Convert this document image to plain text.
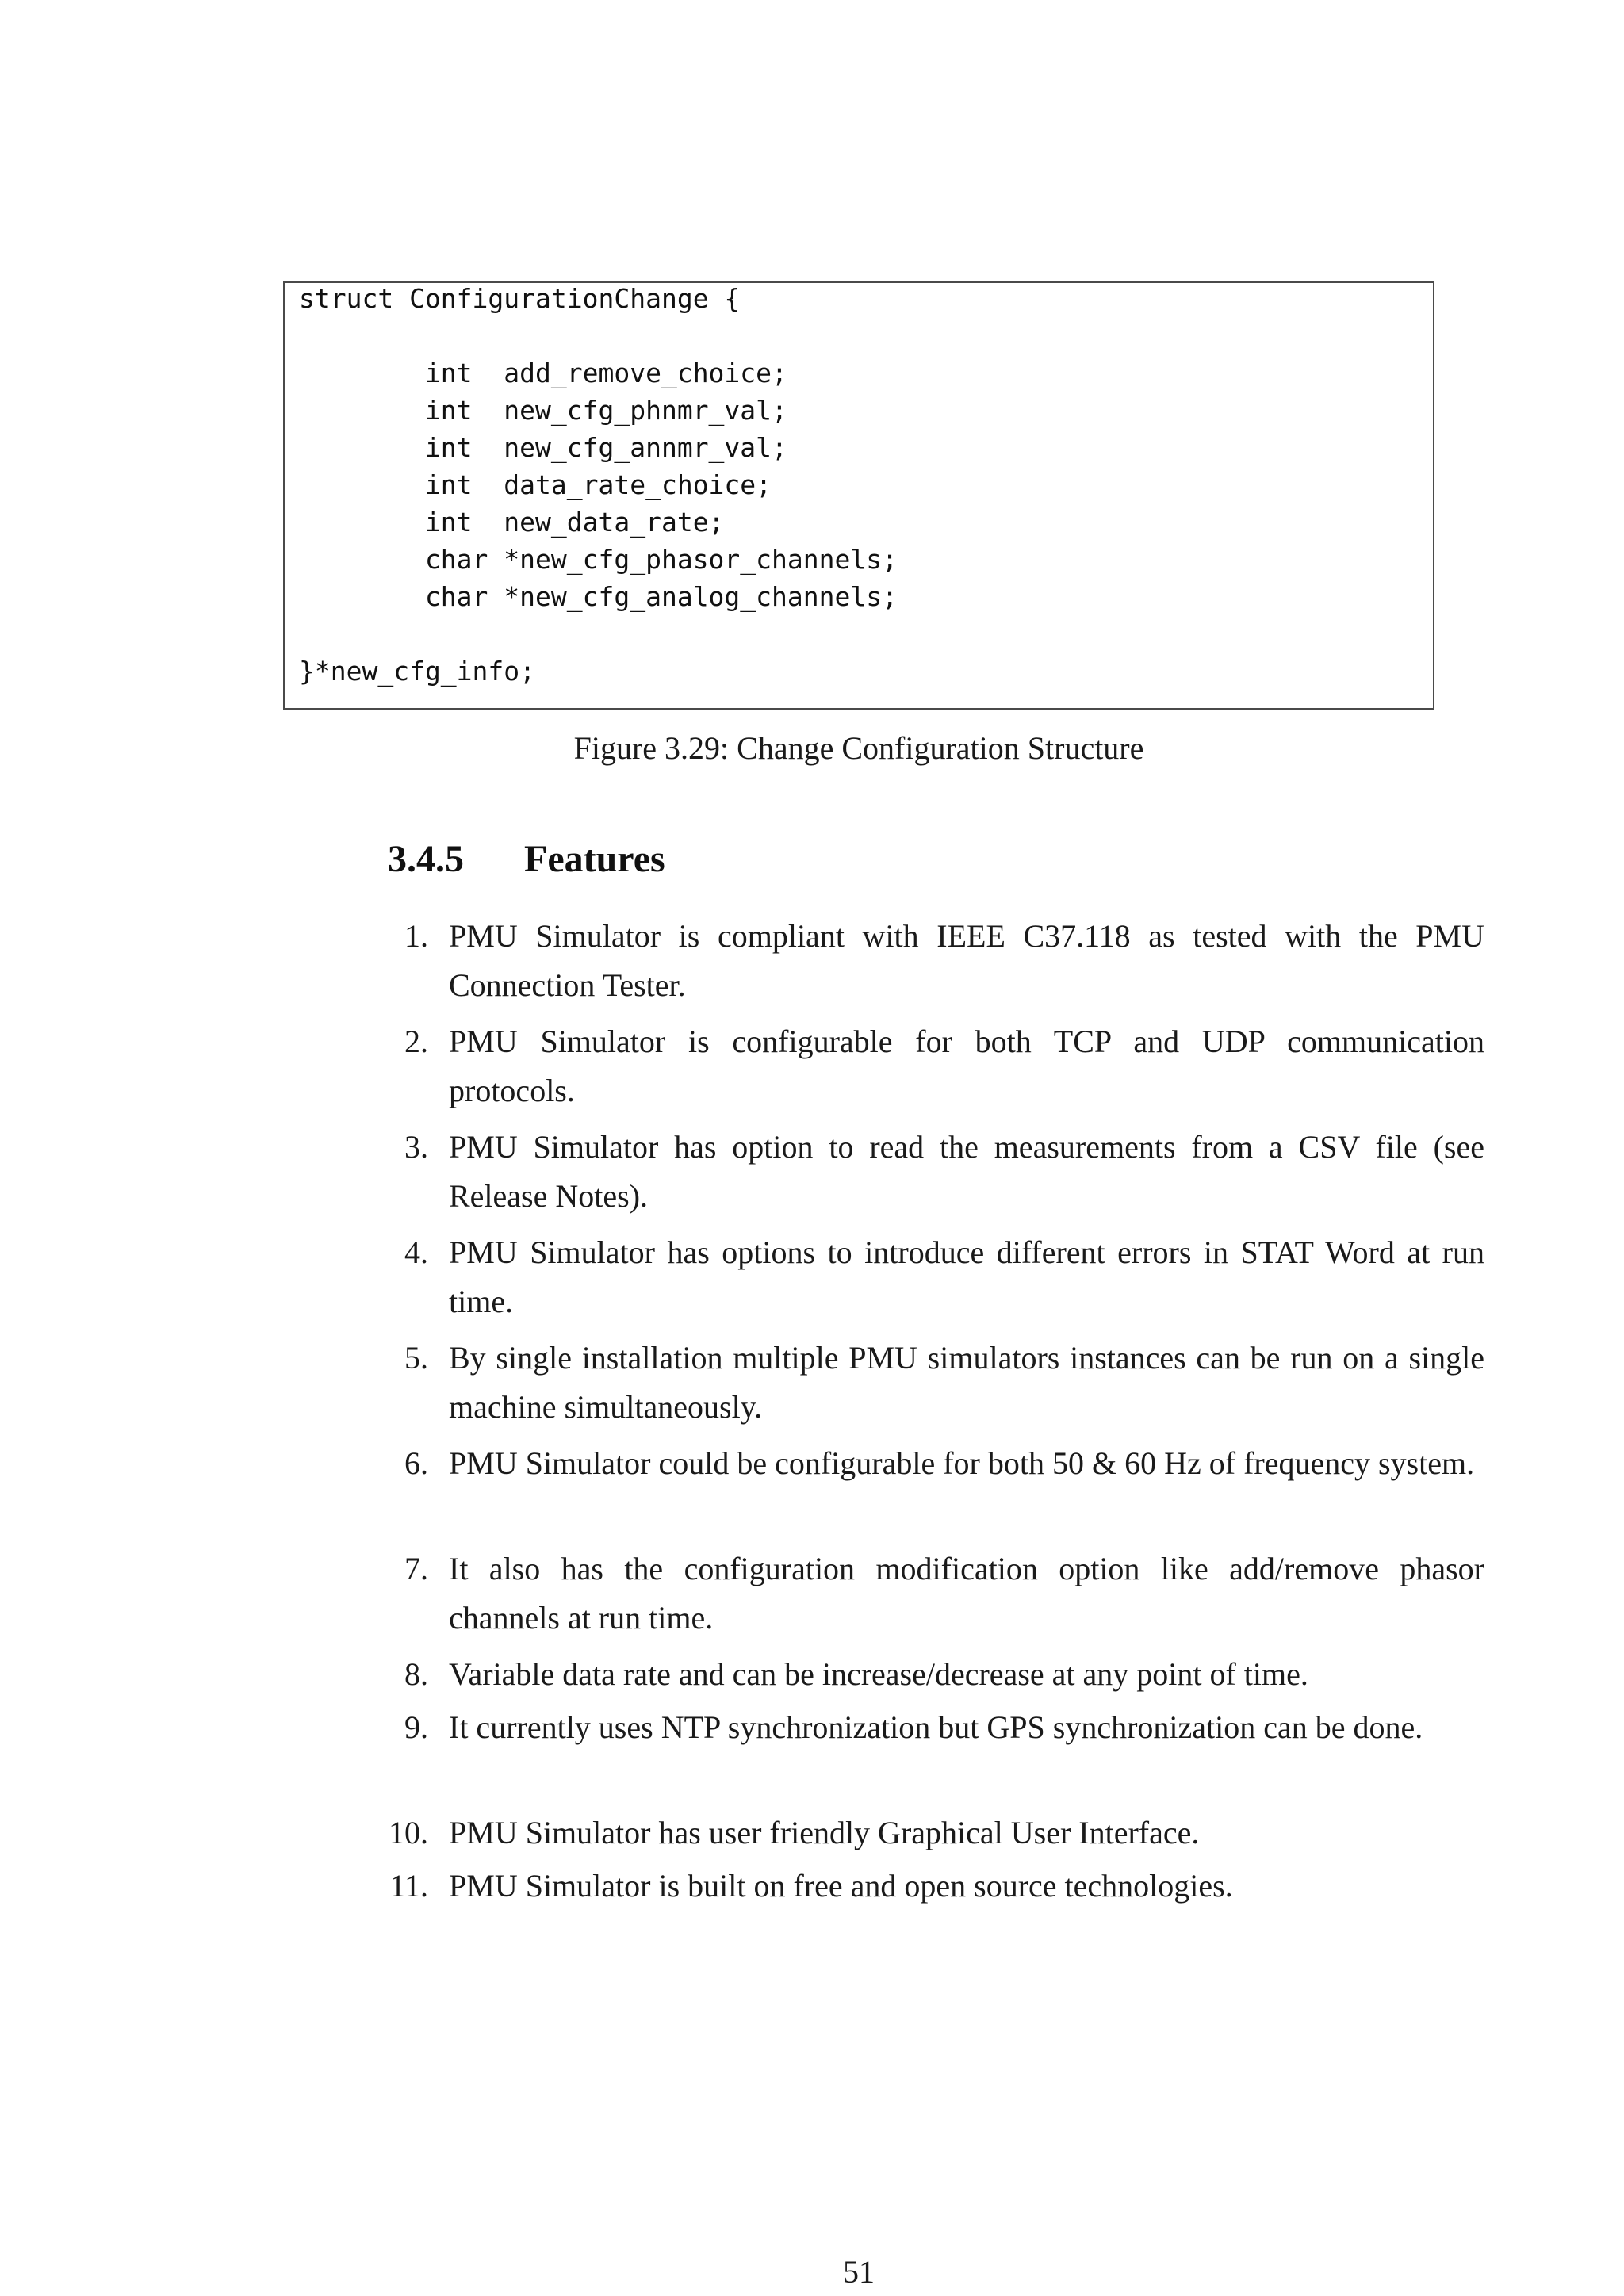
struct ConfigurationChange {
int  add_remove_choice;
int  new_cfg_phnmr_val;
int  new_cfg_annmr_val;
int  data_rate_choice;
int  new_data_rate;
char *new_cfg_phasor_channels;
char *new_cfg_analog_channels;
}*new_cfg_info;
Figure 3.29: Change Configuration Structure
3.4.5 Features
1. PMU Simulator is compliant with IEEE C37.118 as tested with the PMU Connection Tester.
2. PMU Simulator is configurable for both TCP and UDP communication protocols.
3. PMU Simulator has option to read the measurements from a CSV file (see Release Notes).
4. PMU Simulator has options to introduce different errors in STAT Word at run time.
5. By single installation multiple PMU simulators instances can be run on a single machine simultaneously.
6. PMU Simulator could be configurable for both 50 & 60 Hz of frequency system.
7. It also has the configuration modification option like add/remove phasor channels at run time.
8. Variable data rate and can be increase/decrease at any point of time.
9. It currently uses NTP synchronization but GPS synchronization can be done.
10. PMU Simulator has user friendly Graphical User Interface.
11. PMU Simulator is built on free and open source technologies.
51
